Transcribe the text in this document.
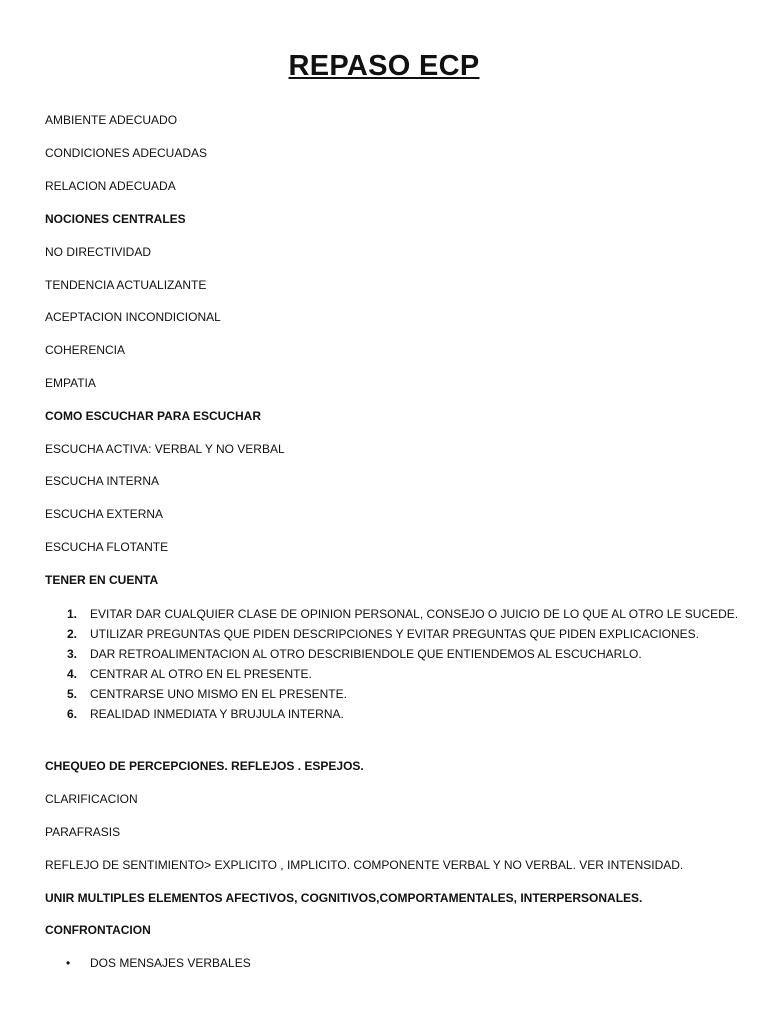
REPASO ECP
AMBIENTE ADECUADO
CONDICIONES ADECUADAS
RELACION ADECUADA
NOCIONES CENTRALES
NO DIRECTIVIDAD
TENDENCIA ACTUALIZANTE
ACEPTACION INCONDICIONAL
COHERENCIA
EMPATIA
COMO ESCUCHAR PARA ESCUCHAR
ESCUCHA ACTIVA: VERBAL Y NO VERBAL
ESCUCHA INTERNA
ESCUCHA EXTERNA
ESCUCHA FLOTANTE
TENER EN CUENTA
1. EVITAR DAR CUALQUIER CLASE DE OPINION PERSONAL, CONSEJO O JUICIO DE LO QUE AL OTRO LE SUCEDE.
2. UTILIZAR PREGUNTAS QUE PIDEN DESCRIPCIONES Y EVITAR PREGUNTAS QUE PIDEN EXPLICACIONES.
3. DAR RETROALIMENTACION AL OTRO DESCRIBIENDOLE QUE ENTIENDEMOS AL ESCUCHARLO.
4. CENTRAR AL OTRO EN EL PRESENTE.
5. CENTRARSE UNO MISMO EN EL PRESENTE.
6. REALIDAD INMEDIATA Y BRUJULA INTERNA.
CHEQUEO DE PERCEPCIONES. REFLEJOS . ESPEJOS.
CLARIFICACION
PARAFRASIS
REFLEJO DE SENTIMIENTO> EXPLICITO , IMPLICITO. COMPONENTE VERBAL Y NO VERBAL. VER INTENSIDAD.
UNIR MULTIPLES ELEMENTOS AFECTIVOS, COGNITIVOS,COMPORTAMENTALES, INTERPERSONALES.
CONFRONTACION
• DOS MENSAJES VERBALES
